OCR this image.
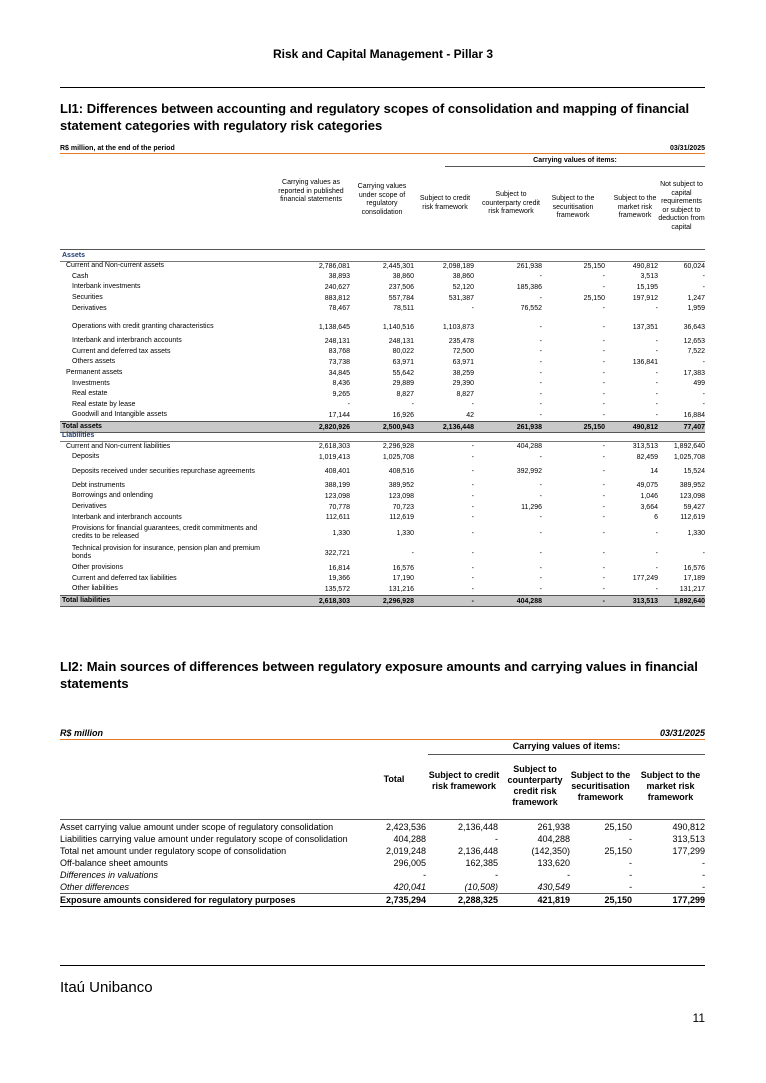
Risk and Capital Management - Pillar 3
LI1: Differences between accounting and regulatory scopes of consolidation and mapping of financial statement categories with regulatory risk categories
R$ million, at the end of the period	03/31/2025
Carrying values of items:
Carrying values as reported in published financial statements
Carrying values under scope of regulatory consolidation
Subject to credit risk framework
Subject to counterparty credit risk framework
Subject to the securitisation framework
Subject to the market risk framework
Not subject to capital requirements or subject to deduction from capital
Assets
Current and Non-current assets	2,786,081	2,445,301	2,098,189	261,938	25,150	490,812	60,024
Cash	38,893	38,860	38,860	-	-	3,513	-
Interbank investments	240,627	237,506	52,120	185,386	-	15,195	-
Securities	883,812	557,784	531,387	-	25,150	197,912	1,247
Derivatives	78,467	78,511	-	76,552	-	-	1,959
Operations with credit granting characteristics	1,138,645	1,140,516	1,103,873	-	-	137,351	36,643
Interbank and interbranch accounts	248,131	248,131	235,478	-	-	-	12,653
Current and deferred tax assets	83,768	80,022	72,500	-	-	-	7,522
Others assets	73,738	63,971	63,971	-	-	136,841	-
Permanent assets	34,845	55,642	38,259	-	-	-	17,383
Investments	8,436	29,889	29,390	-	-	-	499
Real estate	9,265	8,827	8,827	-	-	-	-
Real estate by lease	-	-	-	-	-	-	-
Goodwill and Intangible assets	17,144	16,926	42	-	-	-	16,884
Total assets	2,820,926	2,500,943	2,136,448	261,938	25,150	490,812	77,407
Liabilities
Current and Non-current liabilities	2,618,303	2,296,928	-	404,288	-	313,513	1,892,640
Deposits	1,019,413	1,025,708	-	-	-	82,459	1,025,708
Deposits received under securities repurchase agreements	408,401	408,516	-	392,992	-	14	15,524
Debt instruments	388,199	389,952	-	-	-	49,075	389,952
Borrowings and onlending	123,098	123,098	-	-	-	1,046	123,098
Derivatives	70,778	70,723	-	11,296	-	3,664	59,427
Interbank and interbranch accounts	112,611	112,619	-	-	-	6	112,619
Provisions for financial guarantees, credit commitments and credits to be released	1,330	1,330	-	-	-	-	1,330
Technical provision for insurance, pension plan and premium bonds	322,721	-	-	-	-	-	-
Other provisions	16,814	16,576	-	-	-	-	16,576
Current and deferred tax liabilities	19,366	17,190	-	-	-	177,249	17,189
Other liabilities	135,572	131,216	-	-	-	-	131,217
Total liabilities	2,618,303	2,296,928	-	404,288	-	313,513	1,892,640
LI2: Main sources of differences between regulatory exposure amounts and carrying values in financial statements
R$ million	03/31/2025
Carrying values of items:
Total	Subject to credit risk framework
Subject to counterparty credit risk framework
Subject to the securitisation framework
Subject to the market risk framework
Asset carrying value amount under scope of regulatory consolidation	2,423,536	2,136,448	261,938	25,150	490,812
Liabilities carrying value amount under regulatory scope of consolidation	404,288	-	404,288	-	313,513
Total net amount under regulatory scope of consolidation	2,019,248	2,136,448	(142,350)	25,150	177,299
Off-balance sheet amounts	296,005	162,385	133,620	-	-
Differences in valuations	-	-	-	-	-
Other differences	420,041	(10,508)	430,549	-	-
Exposure amounts considered for regulatory purposes	2,735,294	2,288,325	421,819	25,150	177,299
Itaú Unibanco
11
